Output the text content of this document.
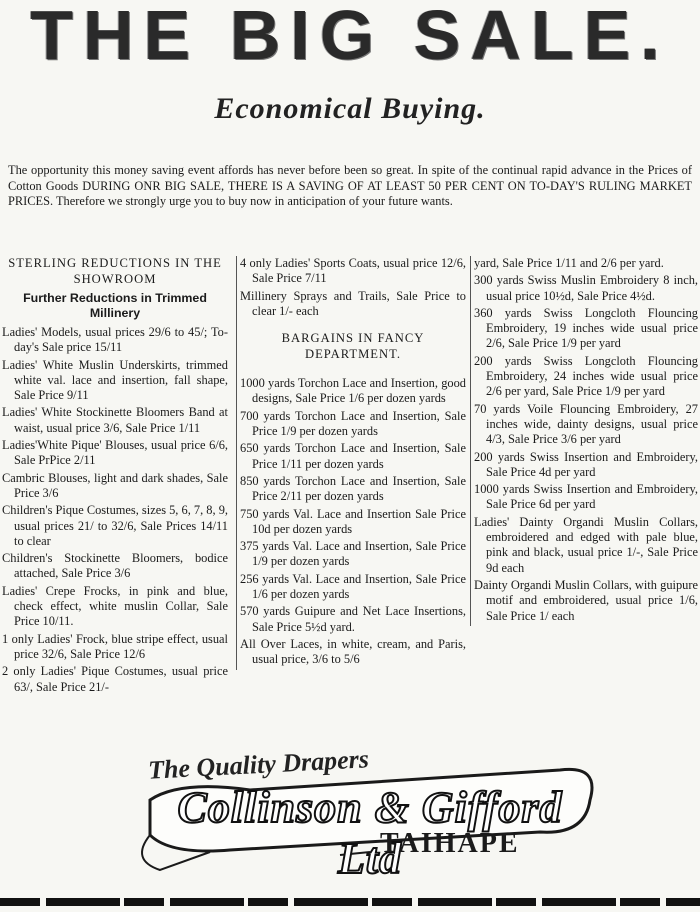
THE BIG SALE.
Economical Buying.

The opportunity this money saving event affords has never before been so great. In spite of the continual rapid advance in the Prices of Cotton Goods DURING ONR BIG SALE, THERE IS A SAVING OF AT LEAST 50 PER CENT ON TO-DAY'S RULING MARKET PRICES. Therefore we strongly urge you to buy now in anticipation of your future wants.

STERLING REDUCTIONS IN THE SHOWROOM
Further Reductions in Trimmed Millinery

Ladies' Models, usual prices 29/6 to 45/; To-day's Sale price 15/11

Ladies' White Muslin Underskirts, trimmed white val. lace and insertion, fall shape, Sale Price 9/11

Ladies' White Stockinette Bloomers Band at waist, usual price 3/6, Sale Price 1/11

Ladies'White Pique' Blouses, usual price 6/6, Sale PrPice 2/11

Cambric Blouses, light and dark shades, Sale Price 3/6

Children's Pique Costumes, sizes 5, 6, 7, 8, 9, usual prices 21/ to 32/6, Sale Prices 14/11 to clear

Children's Stockinette Bloomers, bodice attached, Sale Price 3/6

Ladies' Crepe Frocks, in pink and blue, check effect, white muslin Collar, Sale Price 10/11.

1 only Ladies' Frock, blue stripe effect, usual price 32/6, Sale Price 12/6

2 only Ladies' Pique Costumes, usual price 63/, Sale Price 21/-

4 only Ladies' Sports Coats, usual price 12/6, Sale Price 7/11

Millinery Sprays and Trails, Sale Price to clear 1/- each

BARGAINS IN FANCY DEPARTMENT.

1000 yards Torchon Lace and Insertion, good designs, Sale Price 1/6 per dozen yards

700 yards Torchon Lace and Insertion, Sale Price 1/9 per dozen yards

650 yards Torchon Lace and Insertion, Sale Price 1/11 per dozen yards

850 yards Torchon Lace and Insertion, Sale Price 2/11 per dozen yards

750 yards Val. Lace and Insertion Sale Price 10d per dozen yards

375 yards Val. Lace and Insertion, Sale Price 1/9 per dozen yards

256 yards Val. Lace and Insertion, Sale Price 1/6 per dozen yards

570 yards Guipure and Net Lace Insertions, Sale Price 5½d yard.

All Over Laces, in white, cream, and Paris, usual price, 3/6 to 5/6

yard, Sale Price 1/11 and 2/6 per yard.

300 yards Swiss Muslin Embroidery 8 inch, usual price 10½d, Sale Price 4½d.

360 yards Swiss Longcloth Flouncing Embroidery, 19 inches wide usual price 2/6, Sale Price 1/9 per yard

200 yards Swiss Longcloth Flouncing Embroidery, 24 inches wide usual price 2/6 per yard, Sale Price 1/9 per yard

70 yards Voile Flouncing Embroidery, 27 inches wide, dainty designs, usual price 4/3, Sale Price 3/6 per yard

200 yards Swiss Insertion and Embroidery, Sale Price 4d per yard

1000 yards Swiss Insertion and Embroidery, Sale Price 6d per yard

Ladies' Dainty Organdi Muslin Collars, embroidered and edged with pale blue, pink and black, usual price 1/-, Sale Price 9d each

Dainty Organdi Muslin Collars, with guipure motif and embroidered, usual price 1/6, Sale Price 1/ each

The Quality Drapers
Collinson & Gifford Ltd
TAIHAPE
